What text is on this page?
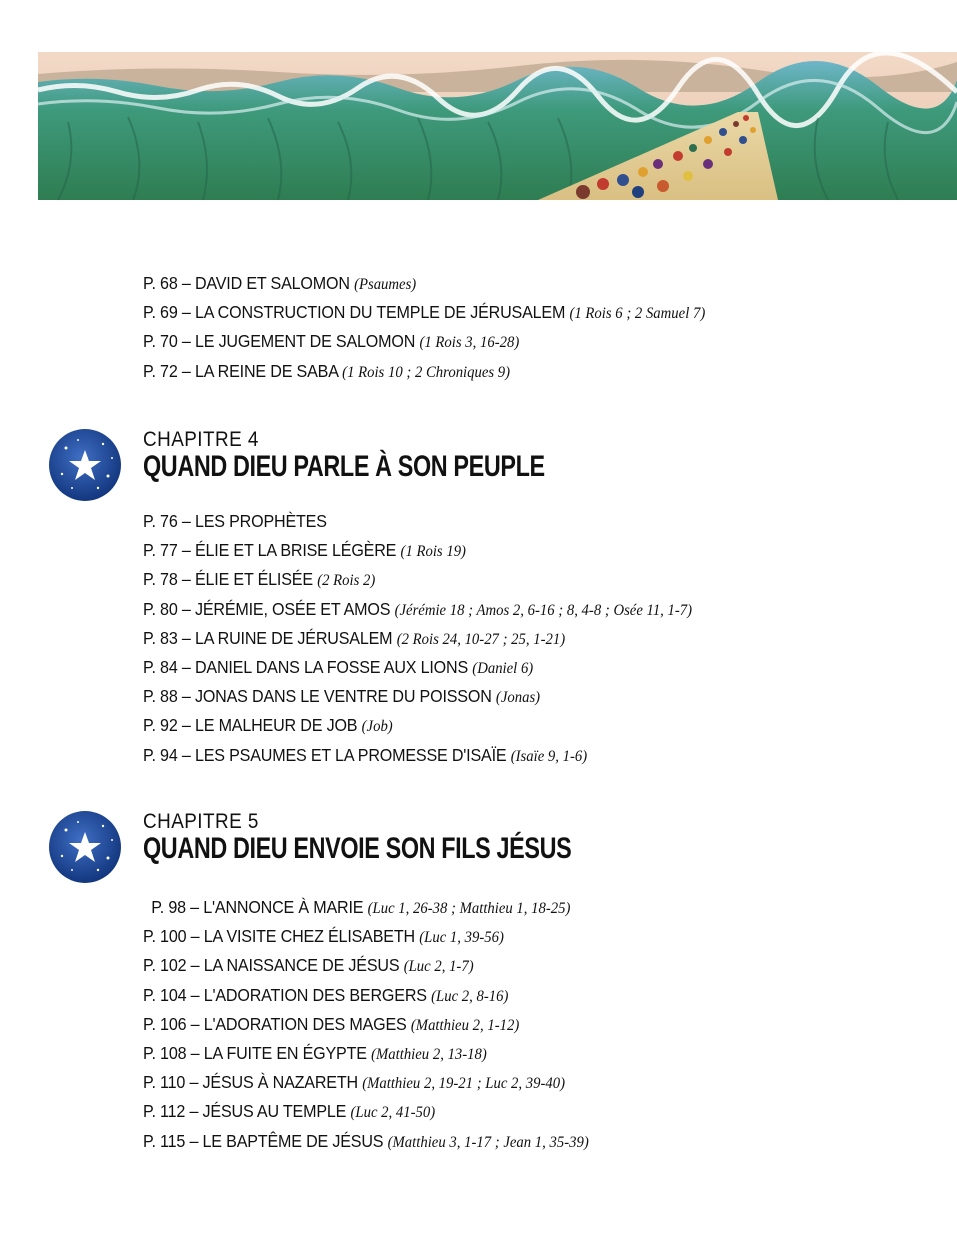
P. 68 – DAVID ET SALOMON (Psaumes)
P. 69 – LA CONSTRUCTION DU TEMPLE DE JÉRUSALEM (1 Rois 6 ; 2 Samuel 7)
P. 70 – LE JUGEMENT DE SALOMON (1 Rois 3, 16-28)
P. 72 – LA REINE DE SABA (1 Rois 10 ; 2 Chroniques 9)
CHAPITRE 4
QUAND DIEU PARLE À SON PEUPLE
P. 76 – LES PROPHÈTES
P. 77 – ÉLIE ET LA BRISE LÉGÈRE (1 Rois 19)
P. 78 – ÉLIE ET ÉLISÉE (2 Rois 2)
P. 80 – JÉRÉMIE, OSÉE ET AMOS (Jérémie 18 ; Amos 2, 6-16 ; 8, 4-8 ; Osée 11, 1-7)
P. 83 – LA RUINE DE JÉRUSALEM (2 Rois 24, 10-27 ; 25, 1-21)
P. 84 – DANIEL DANS LA FOSSE AUX LIONS (Daniel 6)
P. 88 – JONAS DANS LE VENTRE DU POISSON (Jonas)
P. 92 – LE MALHEUR DE JOB (Job)
P. 94 – LES PSAUMES ET LA PROMESSE D'ISAÏE (Isaïe 9, 1-6)
CHAPITRE 5
QUAND DIEU ENVOIE SON FILS JÉSUS
P. 98 – L'ANNONCE À MARIE (Luc 1, 26-38 ; Matthieu 1, 18-25)
P. 100 – LA VISITE CHEZ ÉLISABETH (Luc 1, 39-56)
P. 102 – LA NAISSANCE DE JÉSUS (Luc 2, 1-7)
P. 104 – L'ADORATION DES BERGERS (Luc 2, 8-16)
P. 106 – L'ADORATION DES MAGES (Matthieu 2, 1-12)
P. 108 – LA FUITE EN ÉGYPTE (Matthieu 2, 13-18)
P. 110 – JÉSUS À NAZARETH (Matthieu 2, 19-21 ; Luc 2, 39-40)
P. 112 – JÉSUS AU TEMPLE (Luc 2, 41-50)
P. 115 – LE BAPTÊME DE JÉSUS (Matthieu 3, 1-17 ; Jean 1, 35-39)
